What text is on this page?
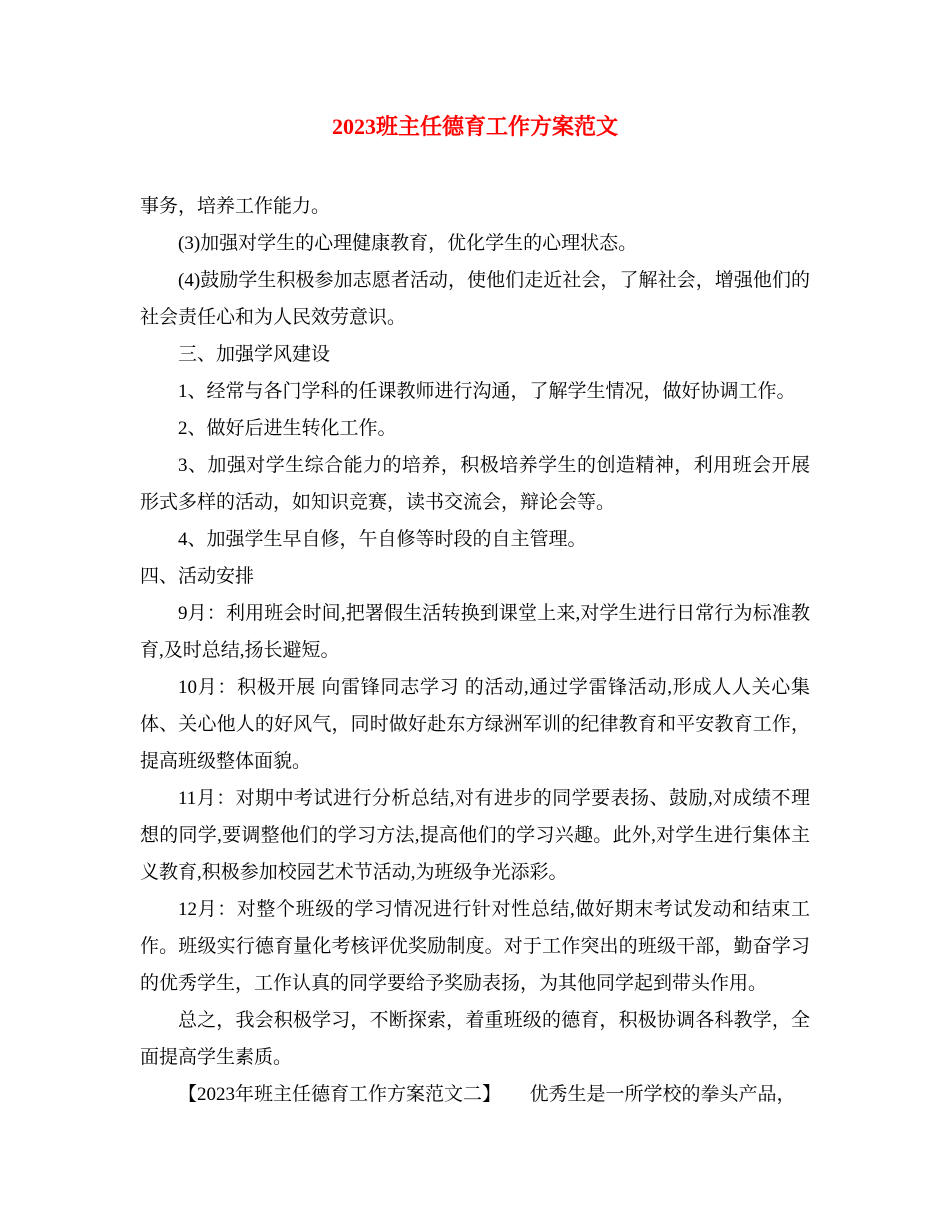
2023班主任德育工作方案范文

事务，培养工作能力。

(3)加强对学生的心理健康教育，优化学生的心理状态。

(4)鼓励学生积极参加志愿者活动，使他们走近社会，了解社会，增强他们的社会责任心和为人民效劳意识。

三、加强学风建设

1、经常与各门学科的任课教师进行沟通，了解学生情况，做好协调工作。

2、做好后进生转化工作。

3、加强对学生综合能力的培养，积极培养学生的创造精神，利用班会开展形式多样的活动，如知识竞赛，读书交流会，辩论会等。

4、加强学生早自修，午自修等时段的自主管理。

四、活动安排

9月：利用班会时间,把署假生活转换到课堂上来,对学生进行日常行为标准教育,及时总结,扬长避短。

10月：积极开展 向雷锋同志学习 的活动,通过学雷锋活动,形成人人关心集体、关心他人的好风气，同时做好赴东方绿洲军训的纪律教育和平安教育工作，提高班级整体面貌。

11月：对期中考试进行分析总结,对有进步的同学要表扬、鼓励,对成绩不理想的同学,要调整他们的学习方法,提高他们的学习兴趣。此外,对学生进行集体主义教育,积极参加校园艺术节活动,为班级争光添彩。

12月：对整个班级的学习情况进行针对性总结,做好期末考试发动和结束工作。班级实行德育量化考核评优奖励制度。对于工作突出的班级干部，勤奋学习的优秀学生，工作认真的同学要给予奖励表扬，为其他同学起到带头作用。

总之，我会积极学习，不断探索，着重班级的德育，积极协调各科教学，全面提高学生素质。

【2023年班主任德育工作方案范文二】　　优秀生是一所学校的拳头产品，
